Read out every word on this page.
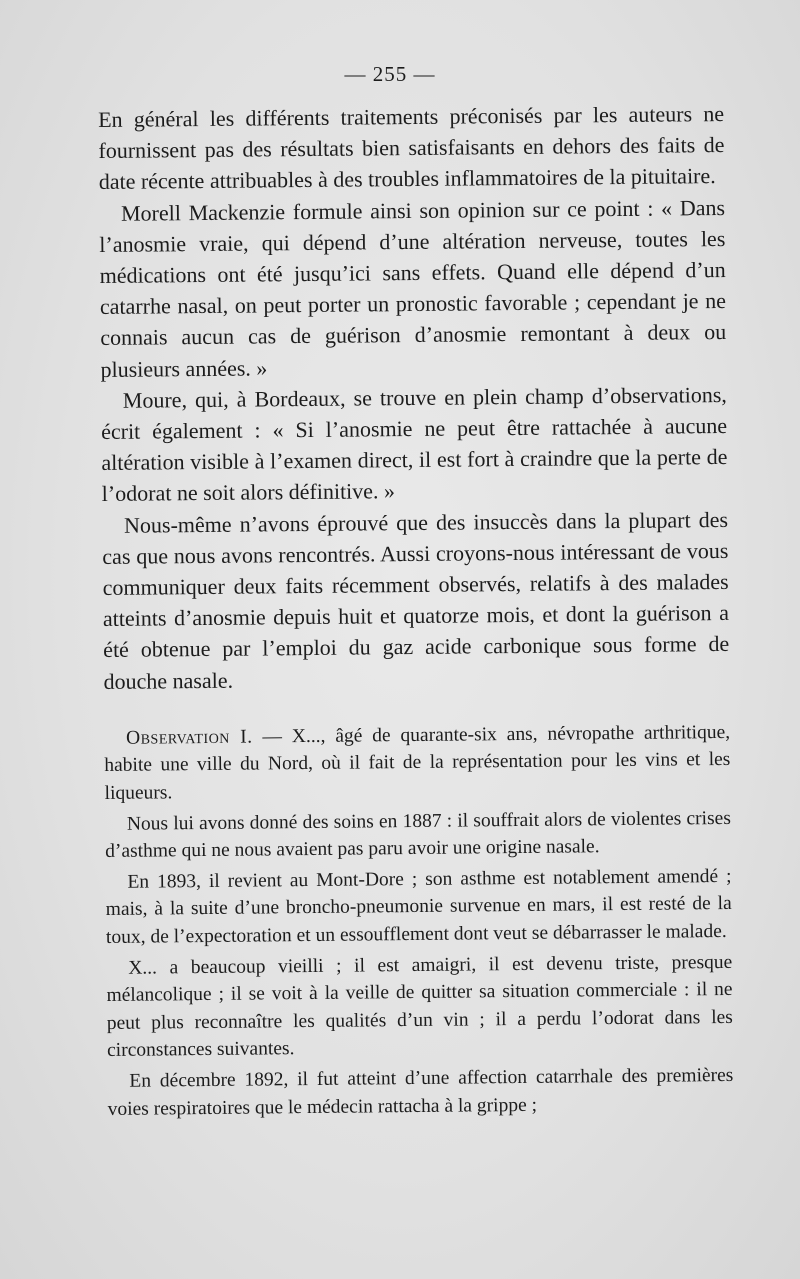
— 255 —

En général les différents traitements préconisés par les auteurs ne fournissent pas des résultats bien satisfaisants en dehors des faits de date récente attribuables à des troubles inflammatoires de la pituitaire.

Morell Mackenzie formule ainsi son opinion sur ce point : « Dans l’anosmie vraie, qui dépend d’une altération nerveuse, toutes les médications ont été jusqu’ici sans effets. Quand elle dépend d’un catarrhe nasal, on peut porter un pronostic favorable ; cependant je ne connais aucun cas de guérison d’anosmie remontant à deux ou plusieurs années. »

Moure, qui, à Bordeaux, se trouve en plein champ d’observations, écrit également : « Si l’anosmie ne peut être rattachée à aucune altération visible à l’examen direct, il est fort à craindre que la perte de l’odorat ne soit alors définitive. »

Nous-même n’avons éprouvé que des insuccès dans la plupart des cas que nous avons rencontrés. Aussi croyons-nous intéressant de vous communiquer deux faits récemment observés, relatifs à des malades atteints d’anosmie depuis huit et quatorze mois, et dont la guérison a été obtenue par l’emploi du gaz acide carbonique sous forme de douche nasale.

Observation I. — X..., âgé de quarante-six ans, névropathe arthritique, habite une ville du Nord, où il fait de la représentation pour les vins et les liqueurs.

Nous lui avons donné des soins en 1887 : il souffrait alors de violentes crises d’asthme qui ne nous avaient pas paru avoir une origine nasale.

En 1893, il revient au Mont-Dore ; son asthme est notablement amendé ; mais, à la suite d’une broncho-pneumonie survenue en mars, il est resté de la toux, de l’expectoration et un essoufflement dont veut se débarrasser le malade.

X... a beaucoup vieilli ; il est amaigri, il est devenu triste, presque mélancolique ; il se voit à la veille de quitter sa situation commerciale : il ne peut plus reconnaître les qualités d’un vin ; il a perdu l’odorat dans les circonstances suivantes.

En décembre 1892, il fut atteint d’une affection catarrhale des premières voies respiratoires que le médecin rattacha à la grippe ;
